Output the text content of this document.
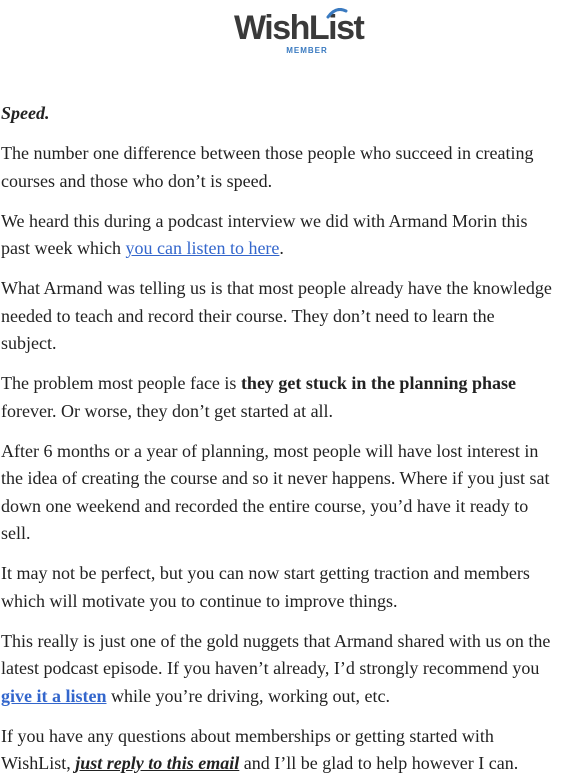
WishList
MEMBER

Speed.

The number one difference between those people who succeed in creating
courses and those who don’t is speed.

We heard this during a podcast interview we did with Armand Morin this
past week which you can listen to here.

What Armand was telling us is that most people already have the knowledge
needed to teach and record their course. They don’t need to learn the
subject.

The problem most people face is they get stuck in the planning phase
forever. Or worse, they don’t get started at all.

After 6 months or a year of planning, most people will have lost interest in
the idea of creating the course and so it never happens. Where if you just sat
down one weekend and recorded the entire course, you’d have it ready to
sell.

It may not be perfect, but you can now start getting traction and members
which will motivate you to continue to improve things.

This really is just one of the gold nuggets that Armand shared with us on the
latest podcast episode. If you haven’t already, I’d strongly recommend you
give it a listen while you’re driving, working out, etc.

If you have any questions about memberships or getting started with
WishList, just reply to this email and I’ll be glad to help however I can.
